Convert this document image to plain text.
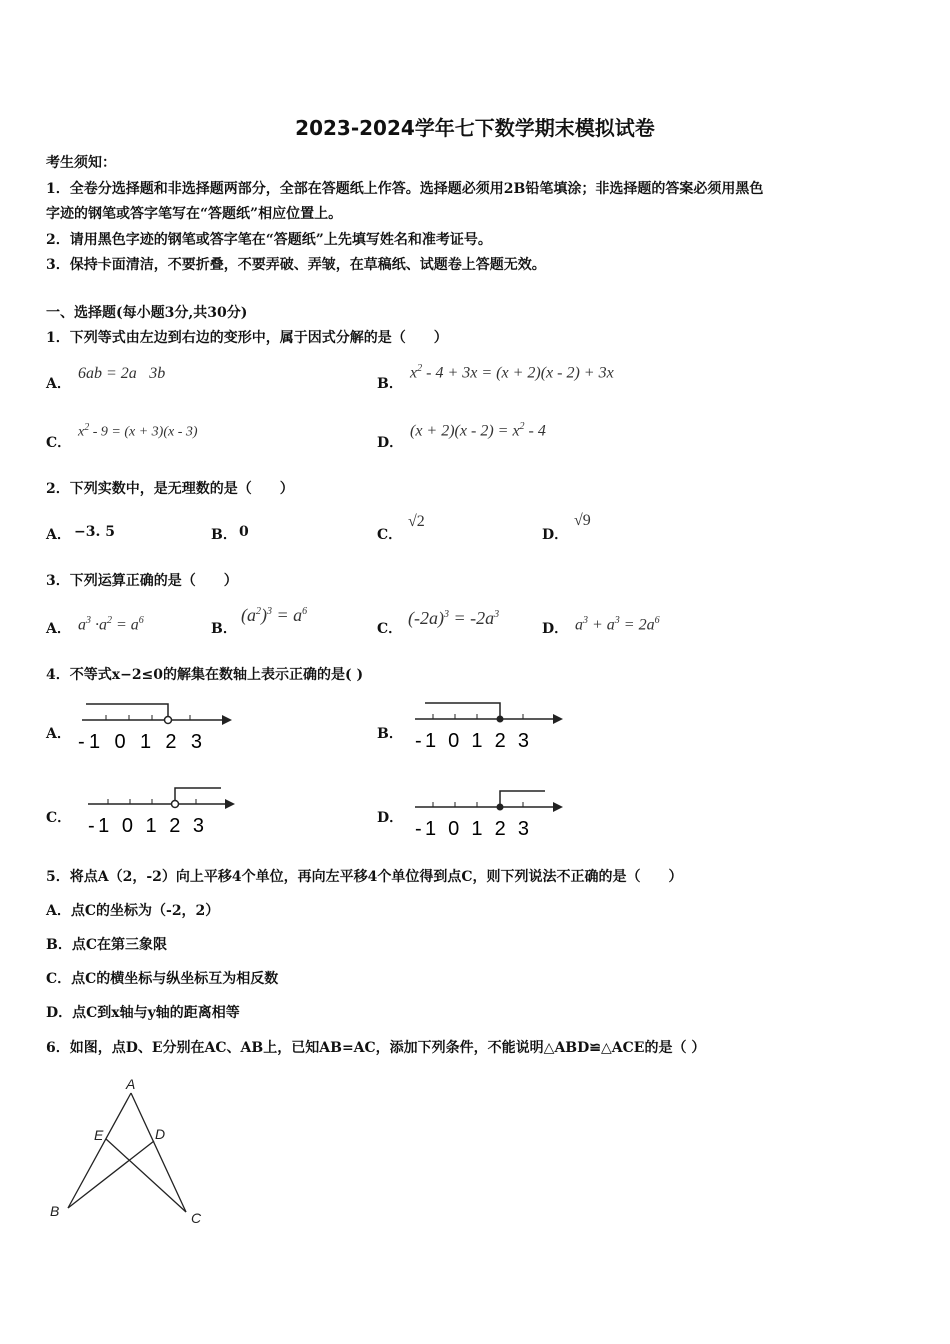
2023-2024学年七下数学期末模拟试卷
考生须知：
1．全卷分选择题和非选择题两部分，全部在答题纸上作答。选择题必须用2B铅笔填涂；非选择题的答案必须用黑色
字迹的钢笔或答字笔写在“答题纸”相应位置上。
2．请用黑色字迹的钢笔或答字笔在“答题纸”上先填写姓名和准考证号。
3．保持卡面清洁，不要折叠，不要弄破、弄皱，在草稿纸、试题卷上答题无效。
一、选择题(每小题3分,共30分)
1．下列等式由左边到右边的变形中，属于因式分解的是（　　）
A．
6ab = 2a3b
B．
$x^2 - 4 + 3x = (x + 2)(x - 2) + 3x$
C．
$x^2 - 9 = (x + 3)(x - 3)$
D．
$(x + 2)(x - 2) = x^2 - 4$
2．下列实数中，是无理数的是（　　）
A． −3. 5	B． 0	C．
√2
D．
√9
3．下列运算正确的是（　　）
A． $a^3 \cdot a^2 = a^6$
B．
$(a^2)^3 = a^6$
C．
$(-2a)^3 = -2a^3$
D． $a^3 + a^3 = 2a^6$
4．不等式x−2≤0的解集在数轴上表示正确的是( )
A． -1 0 1 2 3	B． -1 0 1 2 3
C． -1 0 1 2 3	D． -1 0 1 2 3
5．将点A（2，-2）向上平移4个单位，再向左平移4个单位得到点C，则下列说法不正确的是（　　）
A．点C的坐标为（-2，2）
B．点C在第三象限
C．点C的横坐标与纵坐标互为相反数
D．点C到x轴与y轴的距离相等
6．如图，点D、E分别在AC、AB上，已知AB=AC，添加下列条件，不能说明△ABD≌△ACE的是（ ）
A
E	D
B	C
